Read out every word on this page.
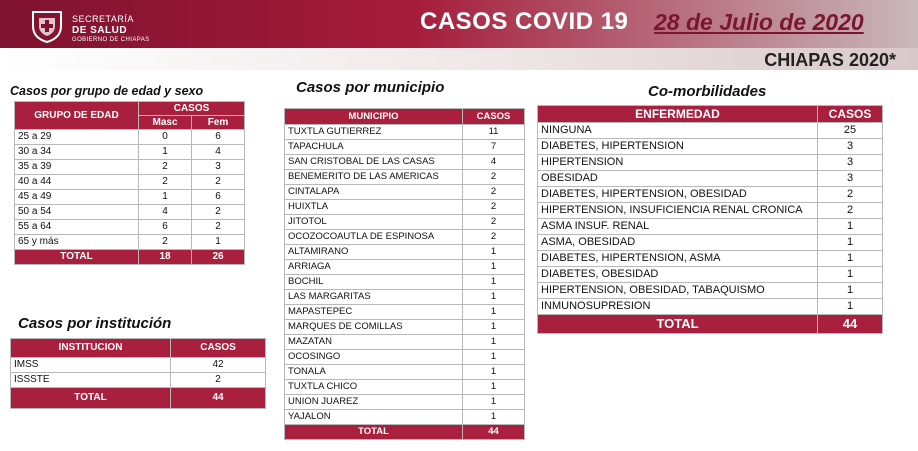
SECRETARÍA
DE SALUD
GOBIERNO DE CHIAPAS
CASOS COVID 19 28 de Julio de 2020
CHIAPAS 2020*
Casos por grupo de edad y sexo
GRUPO DE EDAD	CASOS	
	Masc	Fem
25 a 29	0	6
30 a 34	1	4
35 a 39	2	3
40 a 44	2	2
45 a 49	1	6
50 a 54	4	2
55 a 64	6	2
65 y más	2	1
TOTAL	18	26
Casos por institución
INSTITUCION	CASOS
IMSS	42
ISSSTE	2
TOTAL	44
Casos por municipio
MUNICIPIO	CASOS
TUXTLA GUTIERREZ	11
TAPACHULA	7
SAN CRISTOBAL DE LAS CASAS	4
BENEMERITO DE LAS AMERICAS	2
CINTALAPA	2
HUIXTLA	2
JITOTOL	2
OCOZOCOAUTLA DE ESPINOSA	2
ALTAMIRANO	1
ARRIAGA	1
BOCHIL	1
LAS MARGARITAS	1
MAPASTEPEC	1
MARQUES DE COMILLAS	1
MAZATAN	1
OCOSINGO	1
TONALA	1
TUXTLA CHICO	1
UNION JUAREZ	1
YAJALON	1
TOTAL	44
Co-morbilidades
ENFERMEDAD	CASOS
NINGUNA	25
DIABETES, HIPERTENSION	3
HIPERTENSION	3
OBESIDAD	3
DIABETES, HIPERTENSION, OBESIDAD	2
HIPERTENSION, INSUFICIENCIA RENAL CRONICA	2
ASMA INSUF. RENAL	1
ASMA, OBESIDAD	1
DIABETES, HIPERTENSION, ASMA	1
DIABETES, OBESIDAD	1
HIPERTENSION, OBESIDAD, TABAQUISMO	1
INMUNOSUPRESION	1
TOTAL	44
